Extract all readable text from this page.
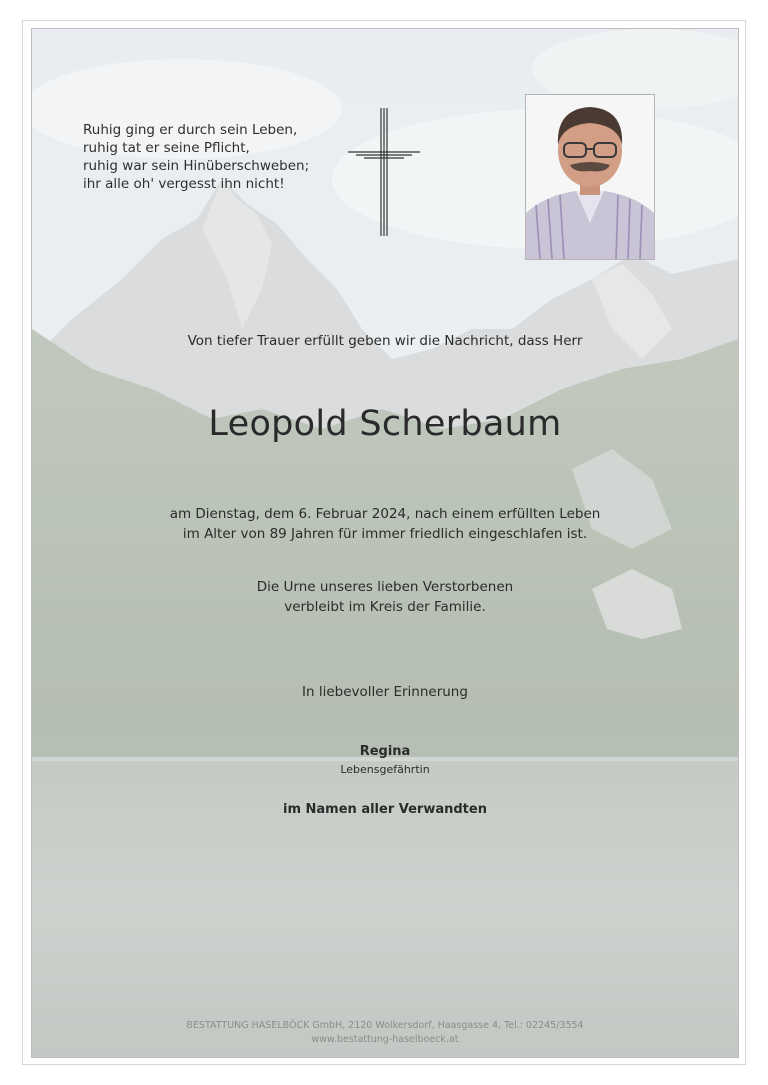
Ruhig ging er durch sein Leben,
ruhig tat er seine Pflicht,
ruhig war sein Hinüberschweben;
ihr alle oh' vergesst ihn nicht!
Von tiefer Trauer erfüllt geben wir die Nachricht, dass Herr
Leopold Scherbaum
am Dienstag, dem 6. Februar 2024, nach einem erfüllten Leben
im Alter von 89 Jahren für immer friedlich eingeschlafen ist.
Die Urne unseres lieben Verstorbenen
verbleibt im Kreis der Familie.
In liebevoller Erinnerung
Regina
Lebensgefährtin
im Namen aller Verwandten
BESTATTUNG HASELBÖCK GmbH, 2120 Wolkersdorf, Haasgasse 4, Tel.: 02245/3554
www.bestattung-haselboeck.at
